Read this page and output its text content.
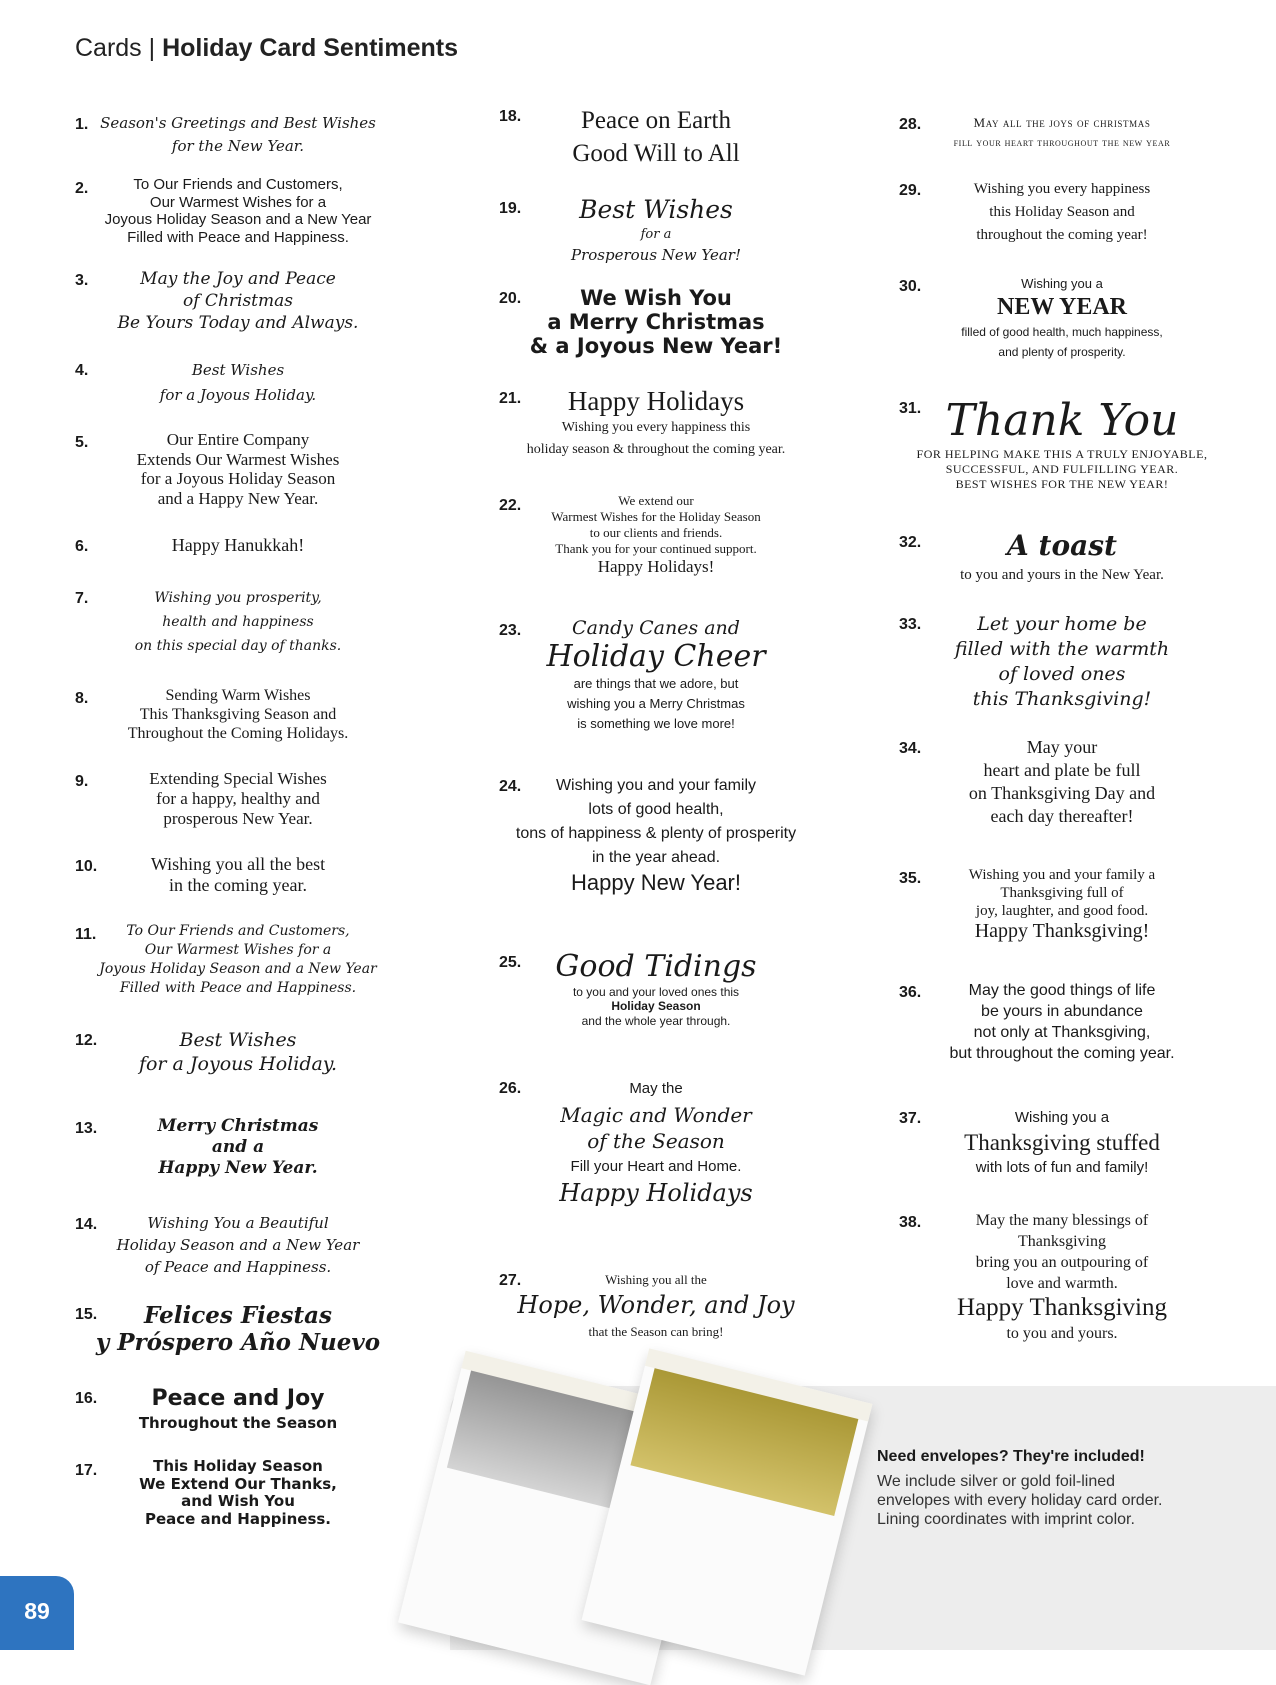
Cards | Holiday Card Sentiments
1. Season's Greetings and Best Wishes
for the New Year.
2.	To Our Friends and Customers,
Our Warmest Wishes for a
Joyous Holiday Season and a New Year
Filled with Peace and Happiness.
3.	May the Joy and Peace
of Christmas
Be Yours Today and Always.
4.	Best Wishes
for a Joyous Holiday.
5.	Our Entire Company
Extends Our Warmest Wishes
for a Joyous Holiday Season
and a Happy New Year.
6.	Happy Hanukkah!
7.	Wishing you prosperity,
health and happiness
on this special day of thanks.
8.	Sending Warm Wishes
This Thanksgiving Season and
Throughout the Coming Holidays.
9.	Extending Special Wishes
for a happy, healthy and
prosperous New Year.
10.	Wishing you all the best
in the coming year.
11.	To Our Friends and Customers,
Our Warmest Wishes for a
Joyous Holiday Season and a New Year
Filled with Peace and Happiness.
12.	Best Wishes
for a Joyous Holiday.
13.	Merry Christmas
and a
Happy New Year.
14.	Wishing You a Beautiful
Holiday Season and a New Year
of Peace and Happiness.
15.	Felices Fiestas
y Próspero Año Nuevo
16.	Peace and Joy
Throughout the Season
17.	This Holiday Season
We Extend Our Thanks,
and Wish You
Peace and Happiness.
18.	Peace on Earth
Good Will to All
19.	Best Wishes
for a
Prosperous New Year!
20.	We Wish You
a Merry Christmas
& a Joyous New Year!
21.	Happy Holidays
Wishing you every happiness this
holiday season & throughout the coming year.
22.	We extend our
Warmest Wishes for the Holiday Season
to our clients and friends.
Thank you for your continued support.
Happy Holidays!
23.	Candy Canes and
Holiday Cheer
are things that we adore, but
wishing you a Merry Christmas
is something we love more!
24.	Wishing you and your family
lots of good health,
tons of happiness & plenty of prosperity
in the year ahead.
Happy New Year!
25.	Good Tidings
to you and your loved ones this
Holiday Season
and the whole year through.
26.	May the
Magic and Wonder
of the Season
Fill your Heart and Home.
Happy Holidays
27.	Wishing you all the
Hope, Wonder, and Joy
that the Season can bring!
28.	May all the joys of christmas
fill your heart throughout the new year
29.	Wishing you every happiness
this Holiday Season and
throughout the coming year!
30.	Wishing you a
NEW YEAR
filled of good health, much happiness,
and plenty of prosperity.
31. Thank You
FOR HELPING MAKE THIS A TRULY ENJOYABLE,
SUCCESSFUL, AND FULFILLING YEAR.
BEST WISHES FOR THE NEW YEAR!
32.	A toast
to you and yours in the New Year.
33.	Let your home be
filled with the warmth
of loved ones
this Thanksgiving!
34.	May your
heart and plate be full
on Thanksgiving Day and
each day thereafter!
35.	Wishing you and your family a
Thanksgiving full of
joy, laughter, and good food.
Happy Thanksgiving!
36.	May the good things of life
be yours in abundance
not only at Thanksgiving,
but throughout the coming year.
37.	Wishing you a
Thanksgiving stuffed
with lots of fun and family!
38.	May the many blessings of
Thanksgiving
bring you an outpouring of
love and warmth.
Happy Thanksgiving
to you and yours.
Need envelopes? They're included!
We include silver or gold foil-lined envelopes with every holiday card order. Lining coordinates with imprint color.
89
